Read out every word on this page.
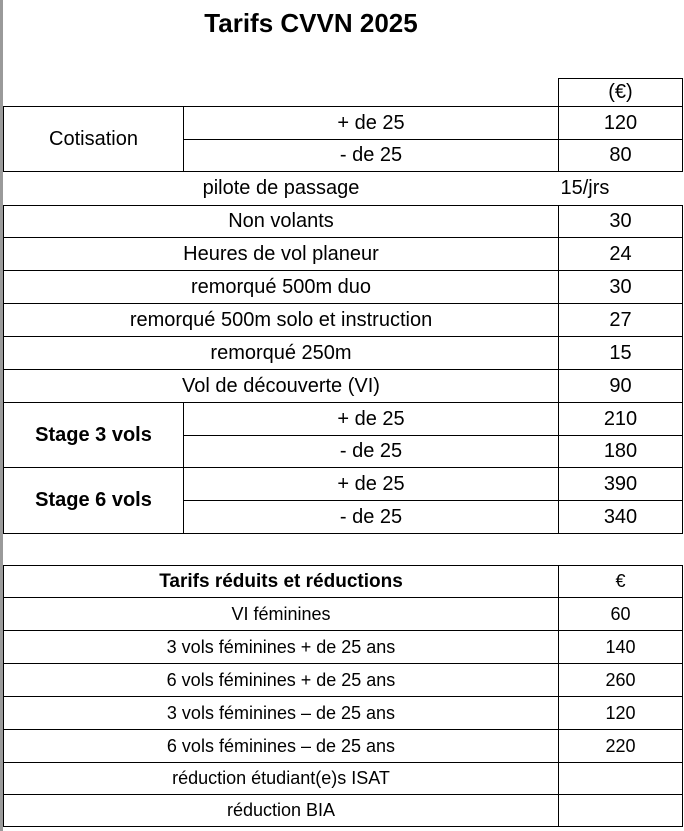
Tarifs CVVN 2025
		(€)
Cotisation	+ de 25	120
	- de 25	80
pilote de passage		15/jrs
Non volants		30
Heures de vol planeur		24
remorqué 500m duo		30
remorqué 500m solo et instruction		27
remorqué 250m		15
Vol de découverte (VI)		90
Stage 3 vols	+ de 25	210
	- de 25	180
Stage 6 vols	+ de 25	390
	- de 25	340
Tarifs réduits et réductions	€
VI féminines	60
3 vols féminines + de 25 ans	140
6 vols féminines + de 25 ans	260
3 vols féminines – de 25 ans	120
6 vols féminines – de 25 ans	220
réduction étudiant(e)s ISAT	
réduction BIA	
